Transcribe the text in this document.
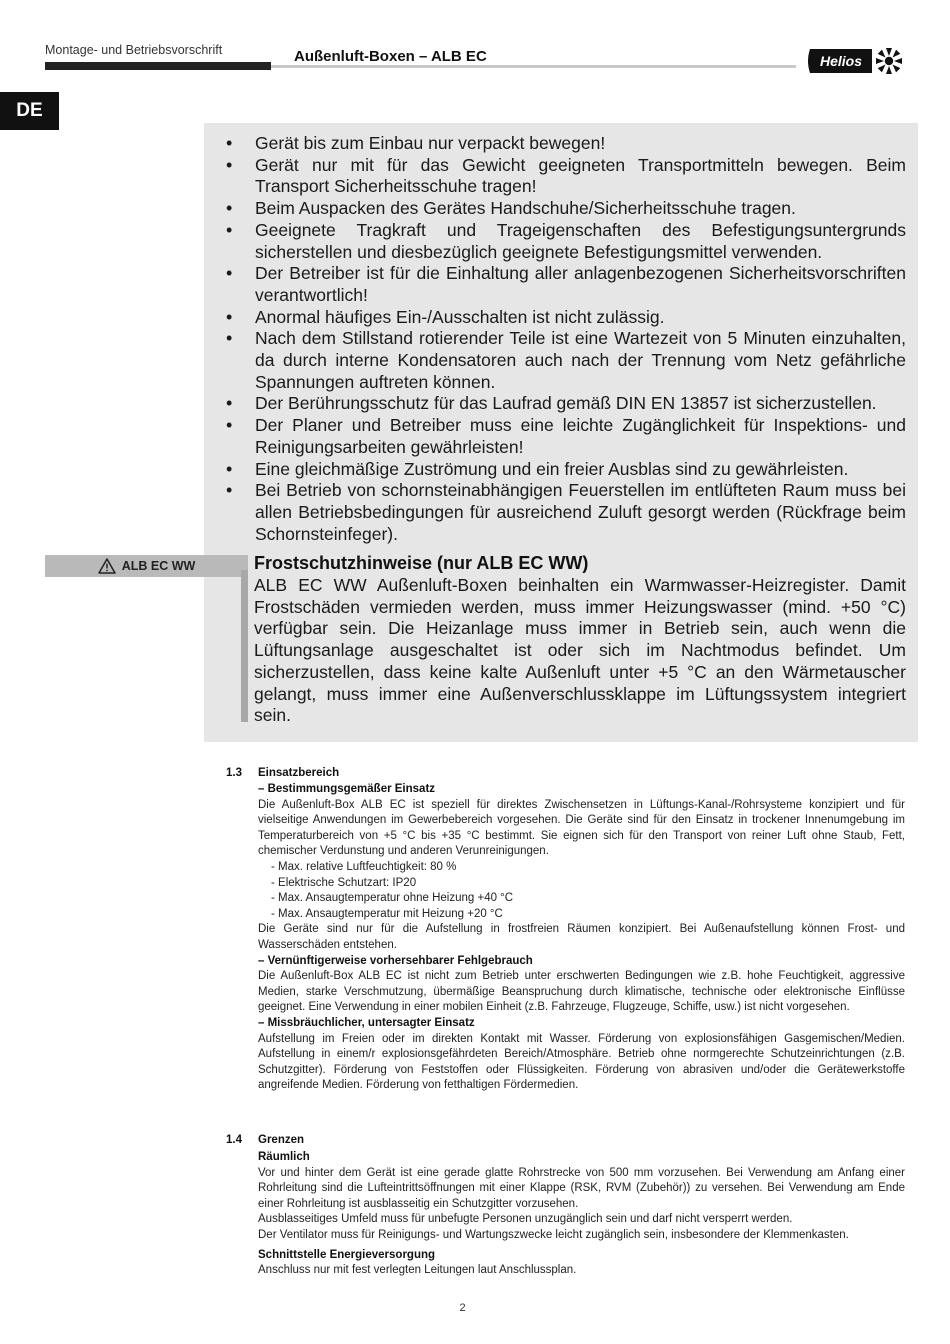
Montage- und Betriebsvorschrift	Außenluft-Boxen – ALB EC	Helios
DE
• Gerät bis zum Einbau nur verpackt bewegen!
• Gerät nur mit für das Gewicht geeigneten Transportmitteln bewegen. Beim Transport Sicherheitsschuhe tragen!
• Beim Auspacken des Gerätes Handschuhe/Sicherheitsschuhe tragen.
• Geeignete Tragkraft und Trageigenschaften des Befestigungsuntergrunds sicherstellen und diesbezüglich geeignete Befestigungsmittel verwenden.
• Der Betreiber ist für die Einhaltung aller anlagenbezogenen Sicherheitsvorschriften verantwortlich!
• Anormal häufiges Ein-/Ausschalten ist nicht zulässig.
• Nach dem Stillstand rotierender Teile ist eine Wartezeit von 5 Minuten einzuhalten, da durch interne Kondensatoren auch nach der Trennung vom Netz gefährliche Spannungen auftreten können.
• Der Berührungsschutz für das Laufrad gemäß DIN EN 13857 ist sicherzustellen.
• Der Planer und Betreiber muss eine leichte Zugänglichkeit für Inspektions- und Reinigungsarbeiten gewährleisten!
• Eine gleichmäßige Zuströmung und ein freier Ausblas sind zu gewährleisten.
• Bei Betrieb von schornsteinabhängigen Feuerstellen im entlüfteten Raum muss bei allen Betriebsbedingungen für ausreichend Zuluft gesorgt werden (Rückfrage beim Schornsteinfeger).
ALB EC WW	Frostschutzhinweise (nur ALB EC WW)

ALB EC WW Außenluft-Boxen beinhalten ein Warmwasser-Heizregister. Damit Frostschäden vermieden werden, muss immer Heizungswasser (mind. +50 °C) verfügbar sein. Die Heizanlage muss immer in Betrieb sein, auch wenn die Lüftungsanlage ausgeschaltet ist oder sich im Nachtmodus befindet. Um sicherzustellen, dass keine kalte Außenluft unter +5 °C an den Wärmetauscher gelangt, muss immer eine Außenverschlussklappe im Lüftungssystem integriert sein.

1.3 Einsatzbereich

– Bestimmungsgemäßer Einsatz

Die Außenluft-Box ALB EC ist speziell für direktes Zwischensetzen in Lüftungs-Kanal-/Rohrsysteme konzipiert und für vielseitige Anwendungen im Gewerbebereich vorgesehen. Die Geräte sind für den Einsatz in trockener Innenumgebung im Temperaturbereich von +5 °C bis +35 °C bestimmt. Sie eignen sich für den Transport von reiner Luft ohne Staub, Fett, chemischer Verdunstung und anderen Verunreinigungen.

- Max. relative Luftfeuchtigkeit: 80 %

- Elektrische Schutzart: IP20

- Max. Ansaugtemperatur ohne Heizung +40 °C

- Max. Ansaugtemperatur mit Heizung +20 °C

Die Geräte sind nur für die Aufstellung in frostfreien Räumen konzipiert. Bei Außenaufstellung können Frost- und Wasserschäden entstehen.

– Vernünftigerweise vorhersehbarer Fehlgebrauch

Die Außenluft-Box ALB EC ist nicht zum Betrieb unter erschwerten Bedingungen wie z.B. hohe Feuchtigkeit, aggressive Medien, starke Verschmutzung, übermäßige Beanspruchung durch klimatische, technische oder elektronische Einflüsse geeignet. Eine Verwendung in einer mobilen Einheit (z.B. Fahrzeuge, Flugzeuge, Schiffe, usw.) ist nicht vorgesehen.

– Missbräuchlicher, untersagter Einsatz

Aufstellung im Freien oder im direkten Kontakt mit Wasser. Förderung von explosionsfähigen Gasgemischen/Medien. Aufstellung in einem/r explosionsgefährdeten Bereich/Atmosphäre. Betrieb ohne normgerechte Schutzeinrichtungen (z.B. Schutzgitter). Förderung von Feststoffen oder Flüssigkeiten. Förderung von abrasiven und/oder die Gerätewerkstoffe angreifende Medien. Förderung von fetthaltigen Fördermedien.

1.4 Grenzen

Räumlich

Vor und hinter dem Gerät ist eine gerade glatte Rohrstrecke von 500 mm vorzusehen. Bei Verwendung am Anfang einer Rohrleitung sind die Lufteintrittsöffnungen mit einer Klappe (RSK, RVM (Zubehör)) zu versehen. Bei Verwendung am Ende einer Rohrleitung ist ausblasseitig ein Schutzgitter vorzusehen.

Ausblasseitiges Umfeld muss für unbefugte Personen unzugänglich sein und darf nicht versperrt werden.

Der Ventilator muss für Reinigungs- und Wartungszwecke leicht zugänglich sein, insbesondere der Klemmenkasten.

Schnittstelle Energieversorgung

Anschluss nur mit fest verlegten Leitungen laut Anschlussplan.

2
